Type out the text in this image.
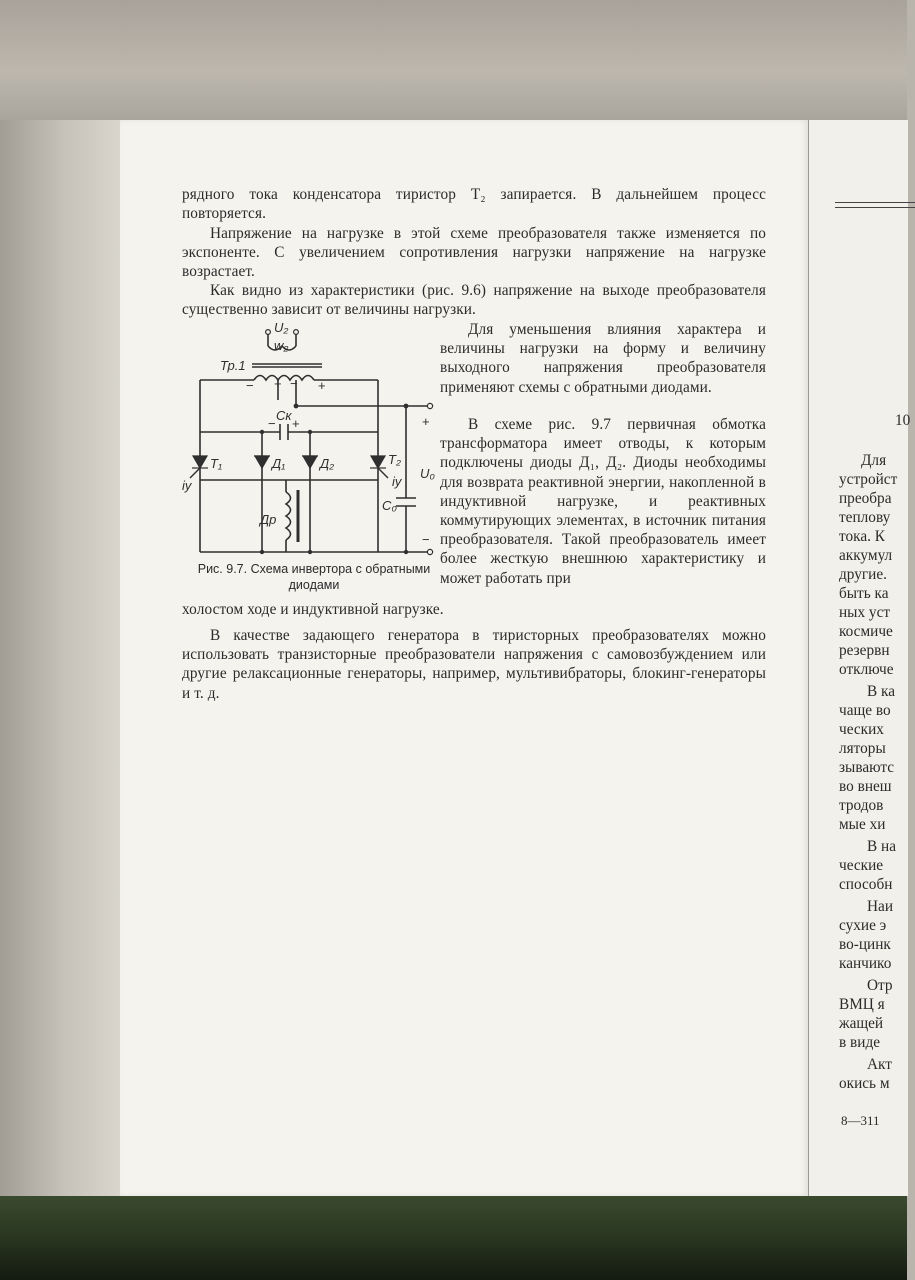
рядного тока конденсатора тиристор Т₂ запирается. В дальнейшем процесс повторяется.

Напряжение на нагрузке в этой схеме преобразователя также изменяется по экспоненте. С увеличением сопротивления нагрузки напряжение на нагрузке возрастает.

Как видно из характеристики (рис. 9.6) напряжение на выходе преобразователя существенно зависит от величины нагрузки.

Для уменьшения влияния характера и величины нагрузки на форму и величину выходного напряжения преобразователя применяют схемы с обратными диодами.

В схеме рис. 9.7 первичная обмотка трансформатора имеет отводы, к которым подключены диоды Д₁, Д₂. Диоды необходимы для возврата реактивной энергии, накопленной в индуктивной нагрузке, и реактивных коммутирующих элементах, в источник питания преобразователя. Такой преобразователь имеет более жесткую внешнюю характеристику и может работать при

холостом ходе и индуктивной нагрузке.

В качестве задающего генератора в тиристорных преобразователях можно использовать транзисторные преобразователи напряжения с самовозбуждением или другие релаксационные генераторы, например, мультивибраторы, блокинг-генераторы и т. д.

U₂
w₂
Тр.1
Cк
Т₁	Д₁	Д₂	Т₂
iу
iу
U₀
C₀
Др
+
−
+
−	+
−
+
−

Рис. 9.7. Схема инвертора с обратными диодами

10

Для

устройст

преобра

теплову

тока. К

аккумул

другие.

быть ка

ных уст

космиче

резервн

отключе

В ка

чаще во

ческих

ляторы

зываютс

во внеш

тродов

мые хи

В на

ческие

способн

Наи

сухие э

во-цинк

канчико

Отр

ВМЦ я

жащей

в виде

Акт

окись м

8—311
